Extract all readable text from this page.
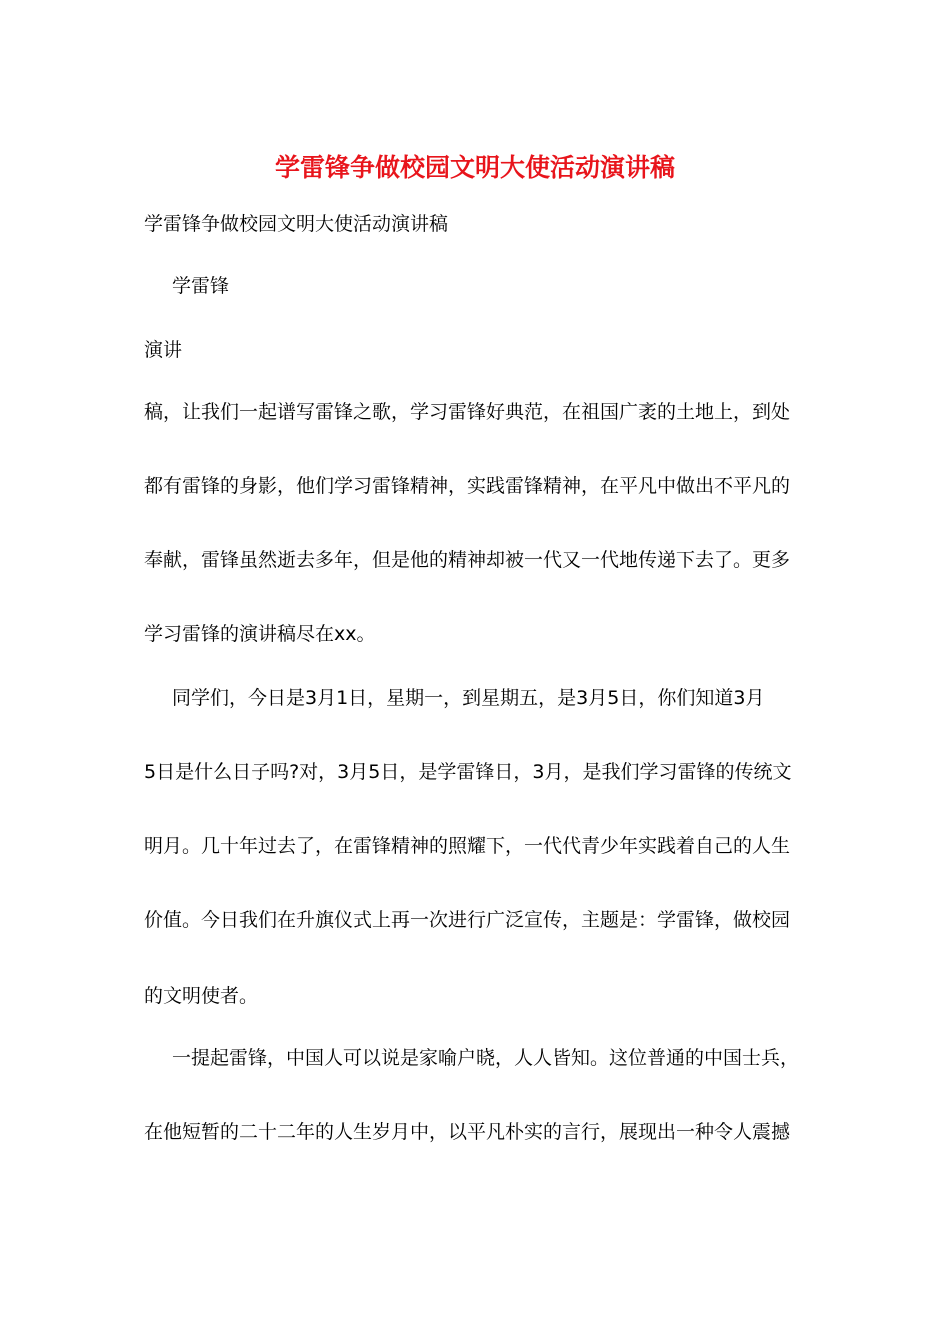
学雷锋争做校园文明大使活动演讲稿

学雷锋争做校园文明大使活动演讲稿

学雷锋

演讲

稿，让我们一起谱写雷锋之歌，学习雷锋好典范，在祖国广袤的土地上，到处

都有雷锋的身影，他们学习雷锋精神，实践雷锋精神，在平凡中做出不平凡的

奉献，雷锋虽然逝去多年，但是他的精神却被一代又一代地传递下去了。更多

学习雷锋的演讲稿尽在xx。

同学们，今日是3月1日，星期一，到星期五，是3月5日，你们知道3月

5日是什么日子吗?对，3月5日，是学雷锋日，3月，是我们学习雷锋的传统文

明月。几十年过去了，在雷锋精神的照耀下，一代代青少年实践着自己的人生

价值。今日我们在升旗仪式上再一次进行广泛宣传，主题是：学雷锋，做校园

的文明使者。

一提起雷锋，中国人可以说是家喻户晓，人人皆知。这位普通的中国士兵，

在他短暂的二十二年的人生岁月中，以平凡朴实的言行，展现出一种令人震撼
